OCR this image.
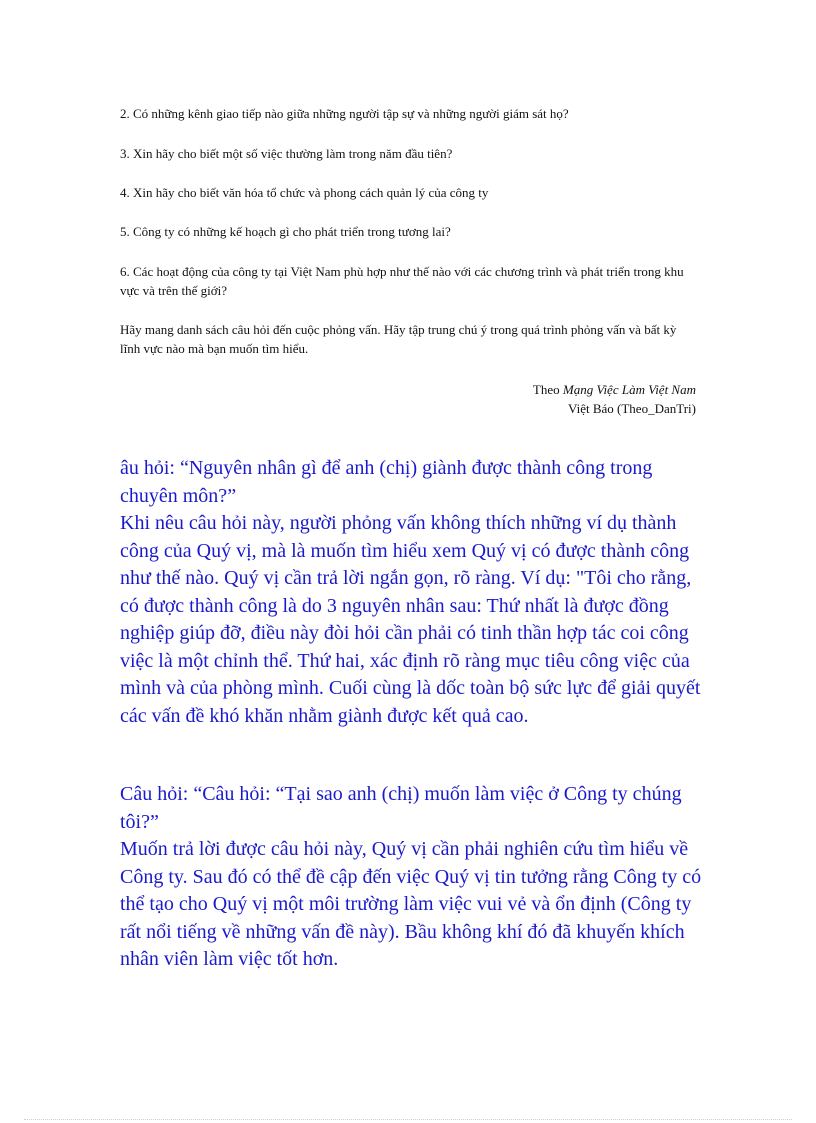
2. Có những kênh giao tiếp nào giữa những người tập sự và những người giám sát họ?
3. Xin hãy cho biết một số việc thường làm trong năm đầu tiên?
4. Xin hãy cho biết văn hóa tổ chức và phong cách quản lý của công ty
5. Công ty có những kế hoạch gì cho phát triển trong tương lai?
6. Các hoạt động của công ty tại Việt Nam phù hợp như thế nào với các chương trình và phát triển trong khu vực và trên thế giới?
Hãy mang danh sách câu hỏi đến cuộc phỏng vấn. Hãy tập trung chú ý trong quá trình phỏng vấn và bất kỳ lĩnh vực nào mà bạn muốn tìm hiểu.
Theo Mạng Việc Làm Việt Nam
Việt Báo (Theo_DanTri)
âu hỏi: “Nguyên nhân gì để anh (chị) giành được thành công trong chuyên môn?”
Khi nêu câu hỏi này, người phỏng vấn không thích những ví dụ thành công của Quý vị, mà là muốn tìm hiểu xem Quý vị có được thành công như thế nào. Quý vị cần trả lời ngắn gọn, rõ ràng. Ví dụ: "Tôi cho rằng, có được thành công là do 3 nguyên nhân sau: Thứ nhất là được đồng nghiệp giúp đỡ, điều này đòi hỏi cần phải có tinh thần hợp tác coi công việc là một chỉnh thể. Thứ hai, xác định rõ ràng mục tiêu công việc của mình và của phòng mình. Cuối cùng là dốc toàn bộ sức lực để giải quyết các vấn đề khó khăn nhằm giành được kết quả cao.
Câu hỏi: “Câu hỏi: “Tại sao anh (chị) muốn làm việc ở Công ty chúng tôi?”
Muốn trả lời được câu hỏi này, Quý vị cần phải nghiên cứu tìm hiểu về Công ty. Sau đó có thể đề cập đến việc Quý vị tin tưởng rằng Công ty có thể tạo cho Quý vị một môi trường làm việc vui vẻ và ổn định (Công ty rất nổi tiếng về những vấn đề này). Bầu không khí đó đã khuyến khích nhân viên làm việc tốt hơn.
